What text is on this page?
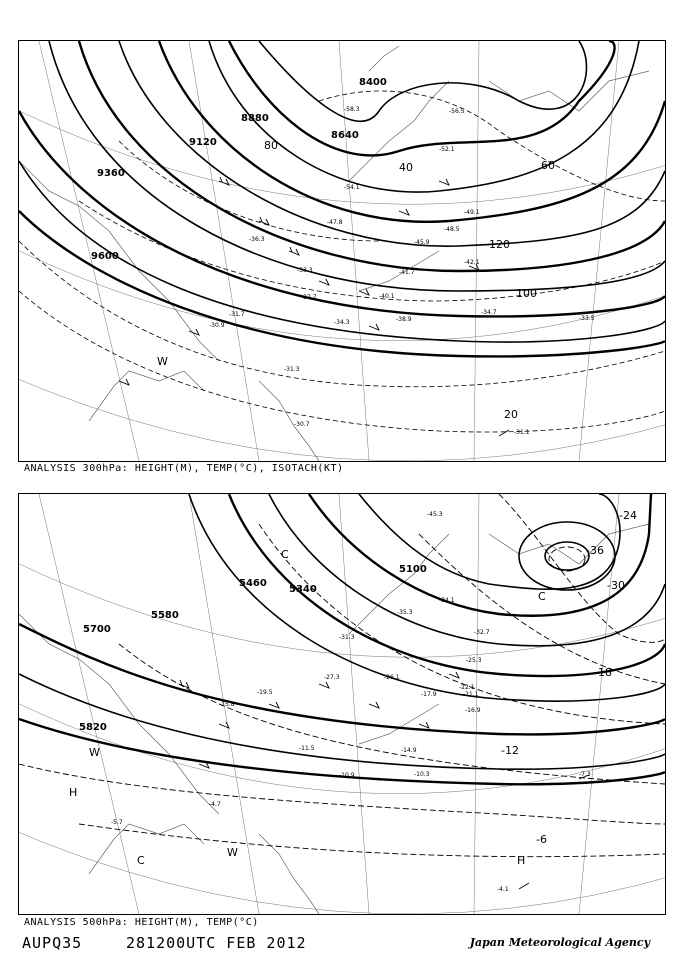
8400
8640
8880
9120
9360
9600
20
40	60
80
100
120
W
-58.3	-56.5
-52.1
-54.1
-49.1
-48.5
-47.8
-45.9
-42.1
-41.7
-40.1
-38.9
-37.7
-34.3
-34.7
-33.5
-31.7
-31.3
-30.9
-30.7
-31.1
-36.3
-33.3
ANALYSIS 300hPa: HEIGHT(M), TEMP(°C), ISOTACH(KT)
5100
5340
5460
5580
5700
5820
-36
-30
-24
-18
-12
-6
H
W
C
W
H
C
C
-45.3
-35.3
-34.1
-32.7
-31.3
-27.3	-26.1
-25.3
-22.1
-21.1
-19.5	-17.9
-16.9
-15.8
-14.9
-11.5
-10.9	-10.3	-7.3
-5.7
-4.7
-4.1
ANALYSIS 500hPa: HEIGHT(M), TEMP(°C)
AUPQ35	281200UTC FEB 2012	Japan Meteorological Agency
